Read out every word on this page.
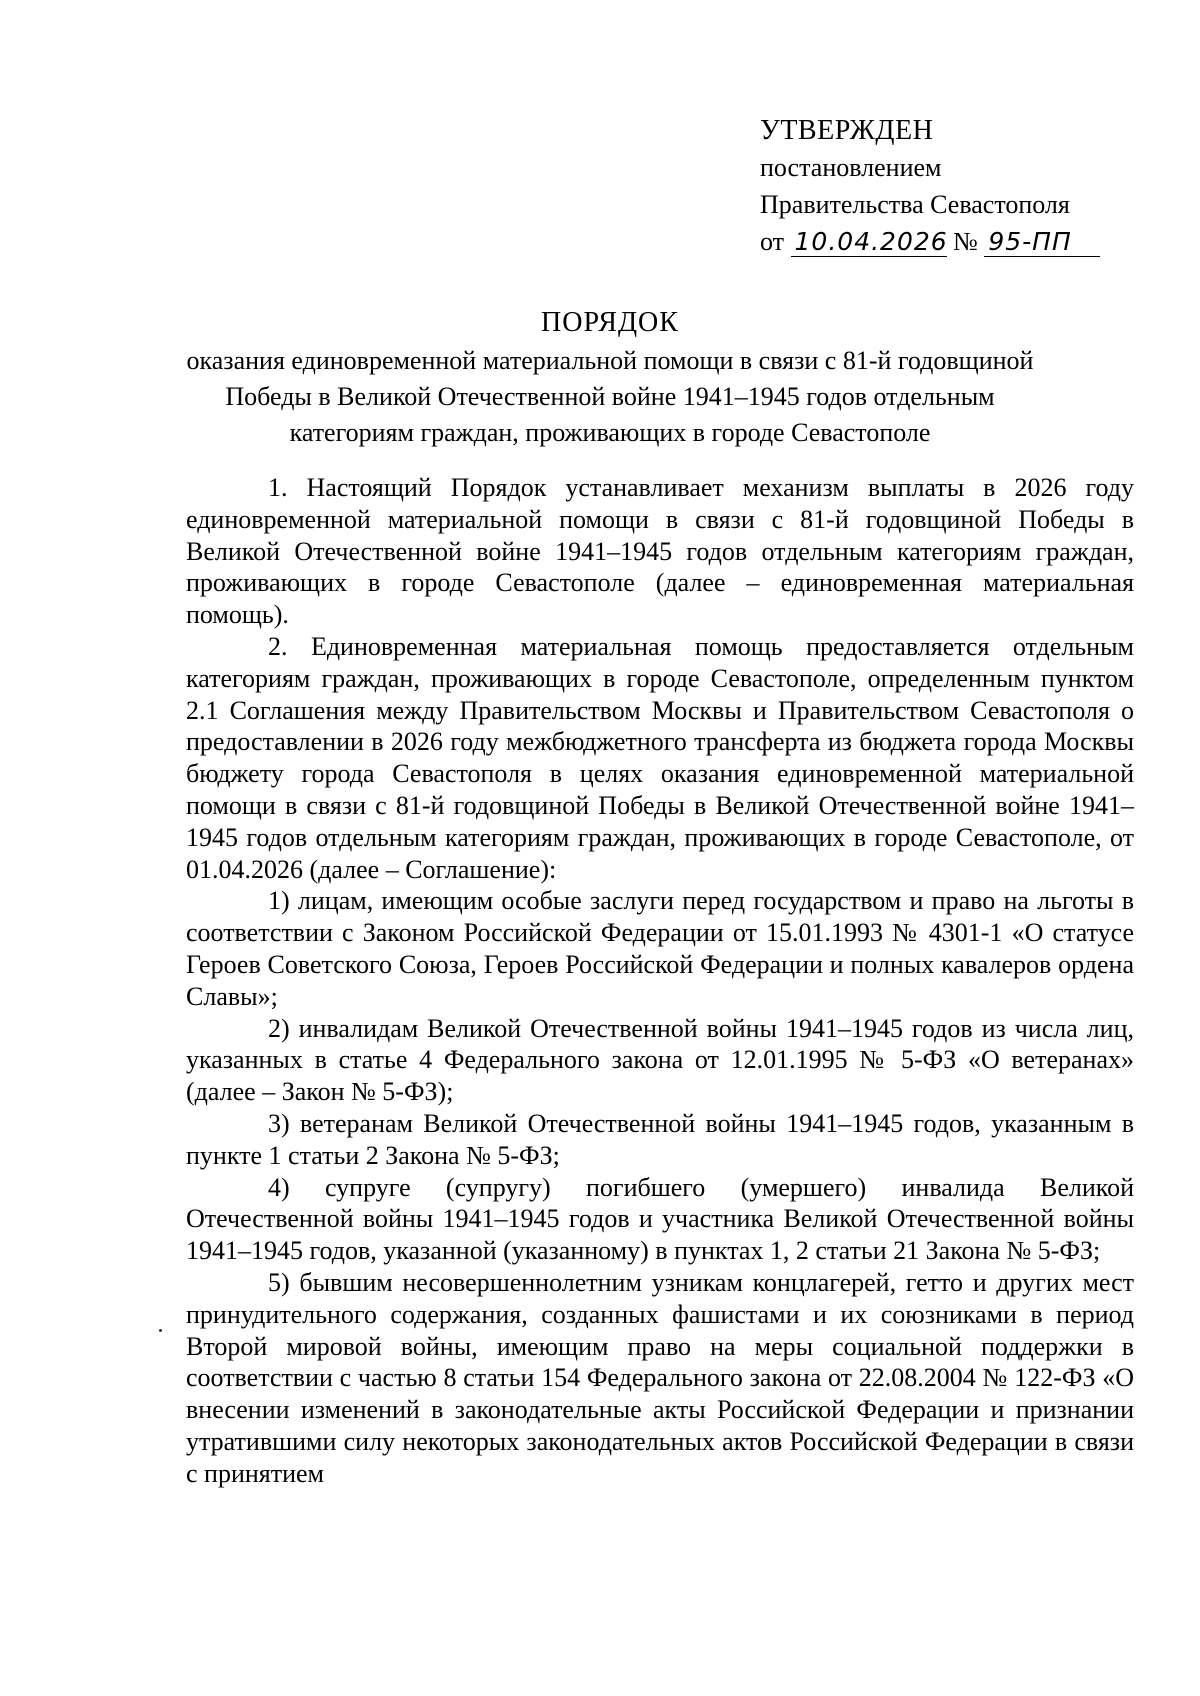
УТВЕРЖДЕН
постановлением
Правительства Севастополя
от 10.04.2026 № 95-ПП
ПОРЯДОК
оказания единовременной материальной помощи в связи с 81-й годовщиной
Победы в Великой Отечественной войне 1941–1945 годов отдельным
категориям граждан, проживающих в городе Севастополе

1. Настоящий Порядок устанавливает механизм выплаты в 2026 году единовременной материальной помощи в связи с 81-й годовщиной Победы в Великой Отечественной войне 1941–1945 годов отдельным категориям граждан, проживающих в городе Севастополе (далее – единовременная материальная помощь).

2. Единовременная материальная помощь предоставляется отдельным категориям граждан, проживающих в городе Севастополе, определенным пунктом 2.1 Соглашения между Правительством Москвы и Правительством Севастополя о предоставлении в 2026 году межбюджетного трансферта из бюджета города Москвы бюджету города Севастополя в целях оказания единовременной материальной помощи в связи с 81-й годовщиной Победы в Великой Отечественной войне 1941–1945 годов отдельным категориям граждан, проживающих в городе Севастополе, от 01.04.2026 (далее – Соглашение):

1) лицам, имеющим особые заслуги перед государством и право на льготы в соответствии с Законом Российской Федерации от 15.01.1993 № 4301-1 «О статусе Героев Советского Союза, Героев Российской Федерации и полных кавалеров ордена Славы»;

2) инвалидам Великой Отечественной войны 1941–1945 годов из числа лиц, указанных в статье 4 Федерального закона от 12.01.1995 № 5-ФЗ «О ветеранах» (далее – Закон № 5-ФЗ);

3) ветеранам Великой Отечественной войны 1941–1945 годов, указанным в пункте 1 статьи 2 Закона № 5-ФЗ;

4) супруге (супругу) погибшего (умершего) инвалида Великой Отечественной войны 1941–1945 годов и участника Великой Отечественной войны 1941–1945 годов, указанной (указанному) в пунктах 1, 2 статьи 21 Закона № 5-ФЗ;

5) бывшим несовершеннолетним узникам концлагерей, гетто и других мест принудительного содержания, созданных фашистами и их союзниками в период Второй мировой войны, имеющим право на меры социальной поддержки в соответствии с частью 8 статьи 154 Федерального закона от 22.08.2004 № 122-ФЗ «О внесении изменений в законодательные акты Российской Федерации и признании утратившими силу некоторых законодательных актов Российской Федерации в связи с принятием
